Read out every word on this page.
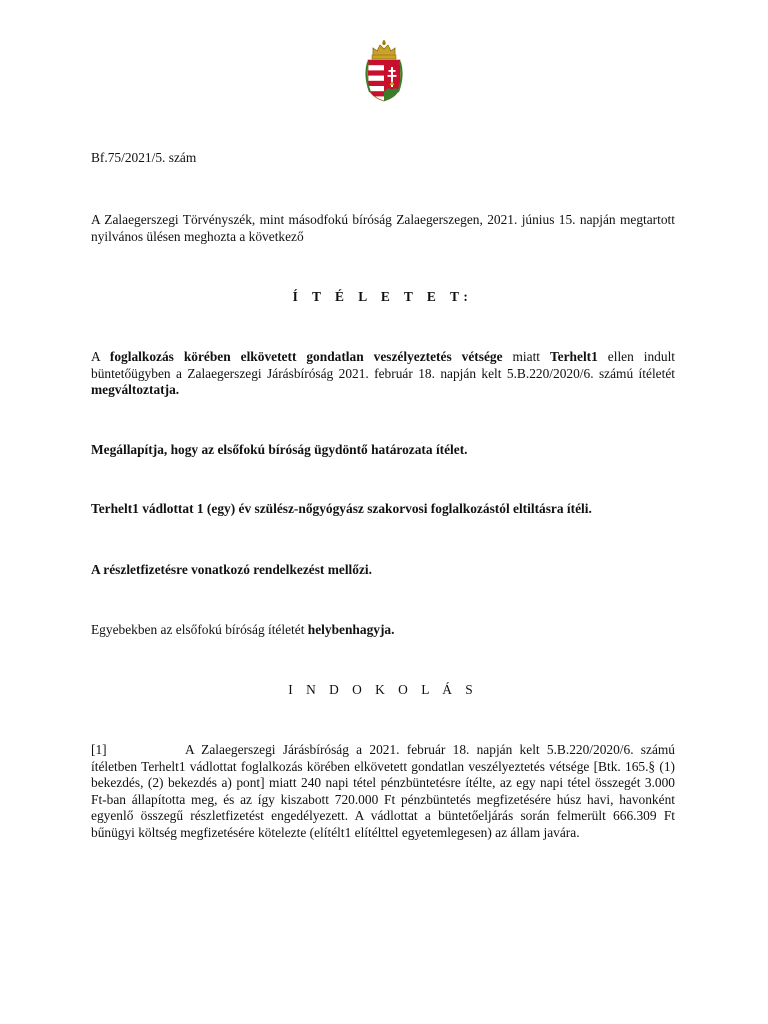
Bf.75/2021/5. szám

A Zalaegerszegi Törvényszék, mint másodfokú bíróság Zalaegerszegen, 2021. június 15. napján megtartott nyilvános ülésen meghozta a következő

Í T É L E T E T:

A foglalkozás körében elkövetett gondatlan veszélyeztetés vétsége miatt Terhelt1 ellen indult büntetőügyben a Zalaegerszegi Járásbíróság 2021. február 18. napján kelt 5.B.220/2020/6. számú ítéletét megváltoztatja.

Megállapítja, hogy az elsőfokú bíróság ügydöntő határozata ítélet.

Terhelt1 vádlottat 1 (egy) év szülész-nőgyógyász szakorvosi foglalkozástól eltiltásra ítéli.

A részletfizetésre vonatkozó rendelkezést mellőzi.

Egyebekben az elsőfokú bíróság ítéletét helybenhagyja.

I N D O K O L Á S

[1]	A Zalaegerszegi Járásbíróság a 2021. február 18. napján kelt 5.B.220/2020/6. számú ítéletben Terhelt1 vádlottat foglalkozás körében elkövetett gondatlan veszélyeztetés vétsége [Btk. 165.§ (1) bekezdés, (2) bekezdés a) pont] miatt 240 napi tétel pénzbüntetésre ítélte, az egy napi tétel összegét 3.000 Ft-ban állapította meg, és az így kiszabott 720.000 Ft pénzbüntetés megfizetésére húsz havi, havonként egyenlő összegű részletfizetést engedélyezett. A vádlottat a büntetőeljárás során felmerült 666.309 Ft bűnügyi költség megfizetésére kötelezte (elítélt1 elítélttel egyetemlegesen) az állam javára.
